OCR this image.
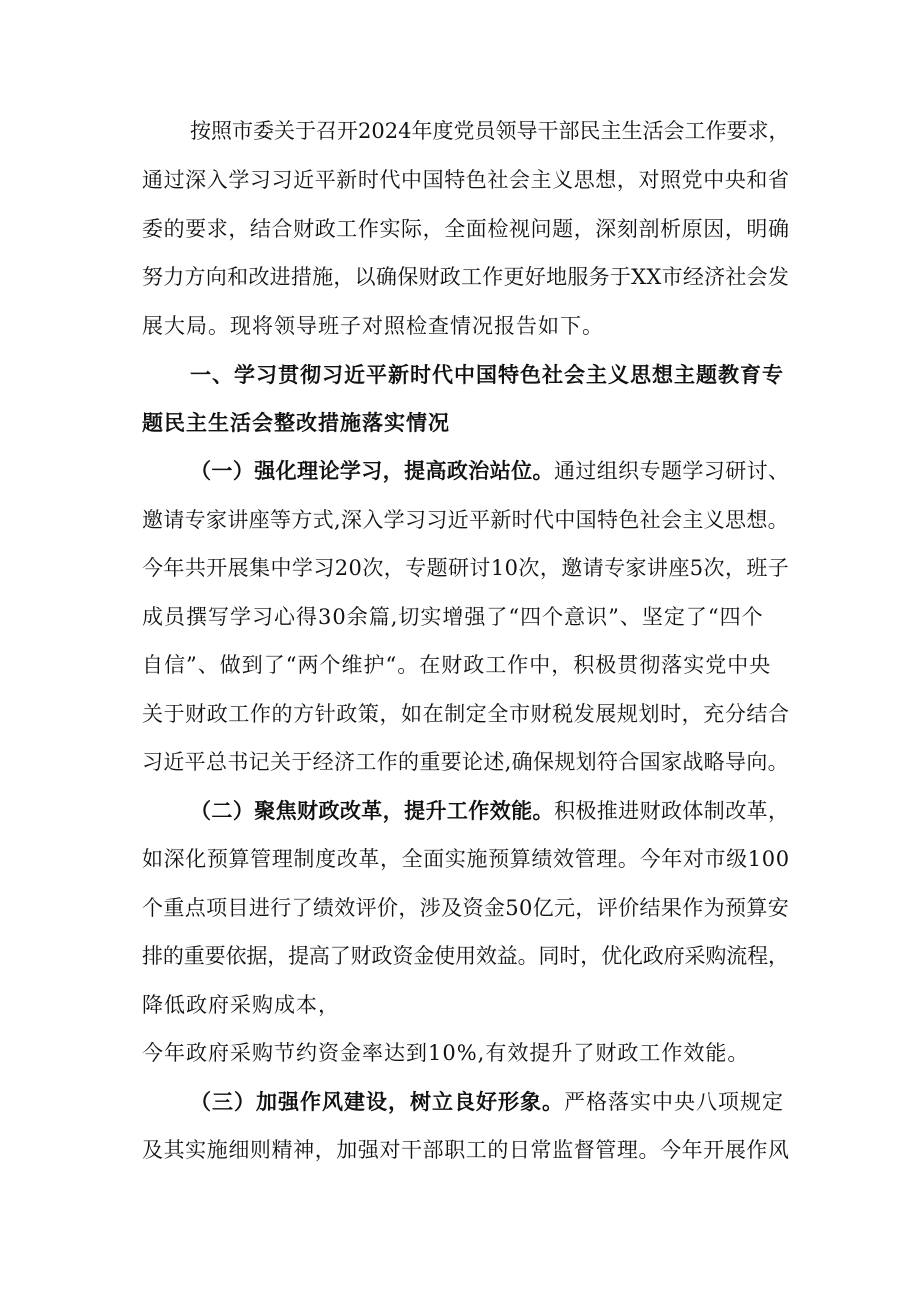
按照市委关于召开2024年度党员领导干部民主生活会工作要求，
通过深入学习习近平新时代中国特色社会主义思想，对照党中央和省
委的要求，结合财政工作实际，全面检视问题，深刻剖析原因，明确
努力方向和改进措施，以确保财政工作更好地服务于XX市经济社会发
展大局。现将领导班子对照检查情况报告如下。
一、学习贯彻习近平新时代中国特色社会主义思想主题教育专
题民主生活会整改措施落实情况
（一）强化理论学习，提高政治站位。通过组织专题学习研讨、
邀请专家讲座等方式,深入学习习近平新时代中国特色社会主义思想。
今年共开展集中学习20次，专题研讨10次，邀请专家讲座5次，班子
成员撰写学习心得30余篇,切实增强了“四个意识”、坚定了“四个
自信”、做到了“两个维护“。在财政工作中，积极贯彻落实党中央
关于财政工作的方针政策，如在制定全市财税发展规划时，充分结合
习近平总书记关于经济工作的重要论述,确保规划符合国家战略导向。
（二）聚焦财政改革，提升工作效能。积极推进财政体制改革，
如深化预算管理制度改革，全面实施预算绩效管理。今年对市级100
个重点项目进行了绩效评价，涉及资金50亿元，评价结果作为预算安
排的重要依据，提高了财政资金使用效益。同时，优化政府采购流程，
降低政府采购成本，
今年政府采购节约资金率达到10%,有效提升了财政工作效能。
（三）加强作风建设，树立良好形象。严格落实中央八项规定
及其实施细则精神，加强对干部职工的日常监督管理。今年开展作风
